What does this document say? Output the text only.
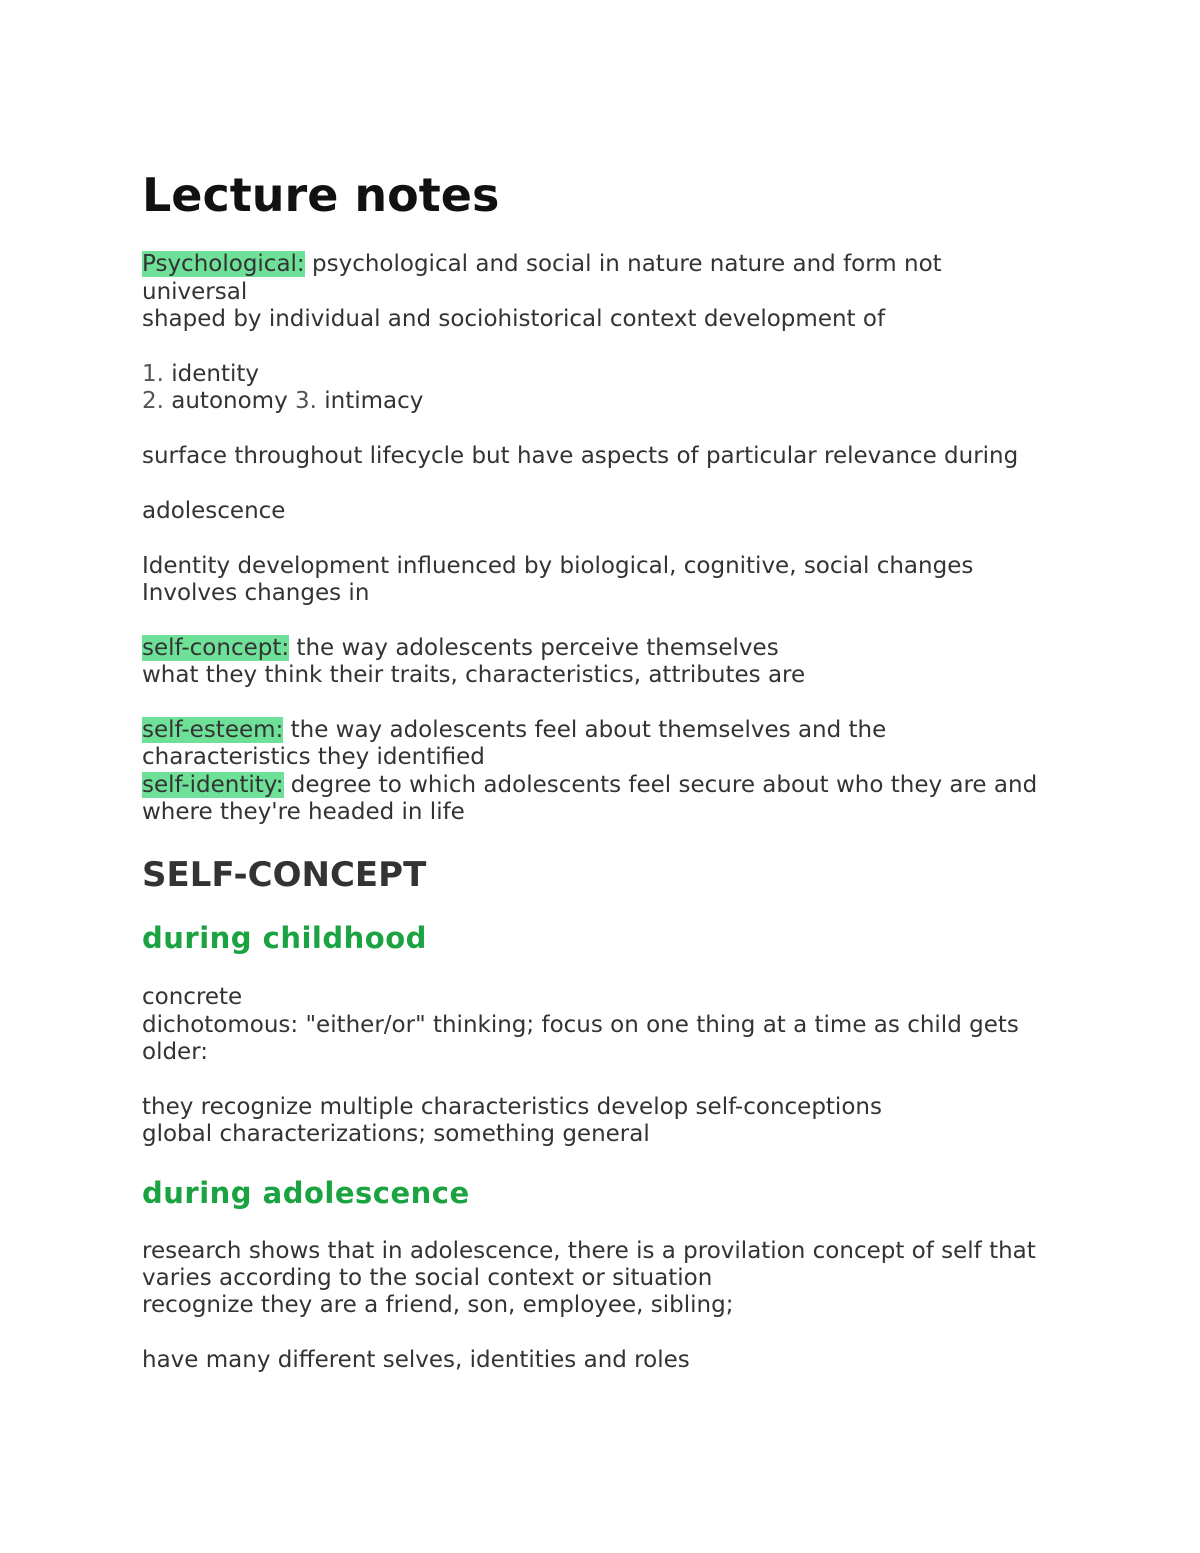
Lecture notes
Psychological: psychological and social in nature nature and form not
universal
shaped by individual and sociohistorical context development of
1. identity
2. autonomy 3. intimacy
surface throughout lifecycle but have aspects of particular relevance during
adolescence
Identity development influenced by biological, cognitive, social changes
Involves changes in
self-concept: the way adolescents perceive themselves
what they think their traits, characteristics, attributes are
self-esteem: the way adolescents feel about themselves and the
characteristics they identified
self-identity: degree to which adolescents feel secure about who they are and
where they're headed in life
SELF-CONCEPT
during childhood
concrete
dichotomous: "either/or" thinking; focus on one thing at a time as child gets
older:
they recognize multiple characteristics develop self-conceptions
global characterizations; something general
during adolescence
research shows that in adolescence, there is a provilation concept of self that
varies according to the social context or situation
recognize they are a friend, son, employee, sibling;
have many different selves, identities and roles
